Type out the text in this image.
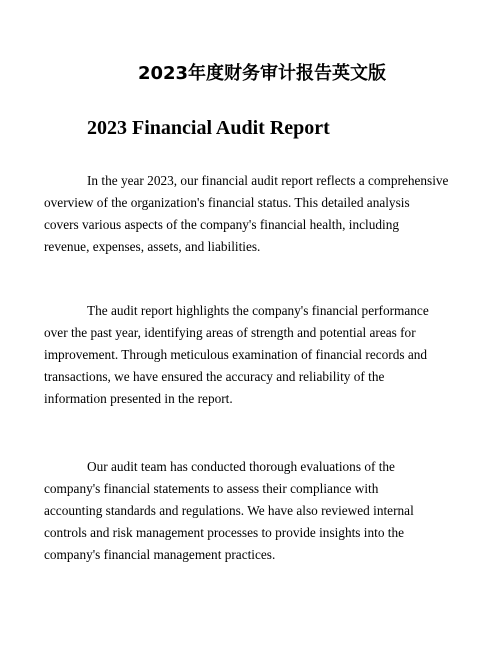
2023年度财务审计报告英文版
2023 Financial Audit Report
In the year 2023, our financial audit report reflects a comprehensive
overview of the organization's financial status. This detailed analysis
covers various aspects of the company's financial health, including
revenue, expenses, assets, and liabilities.
The audit report highlights the company's financial performance
over the past year, identifying areas of strength and potential areas for
improvement. Through meticulous examination of financial records and
transactions, we have ensured the accuracy and reliability of the
information presented in the report.
Our audit team has conducted thorough evaluations of the
company's financial statements to assess their compliance with
accounting standards and regulations. We have also reviewed internal
controls and risk management processes to provide insights into the
company's financial management practices.
